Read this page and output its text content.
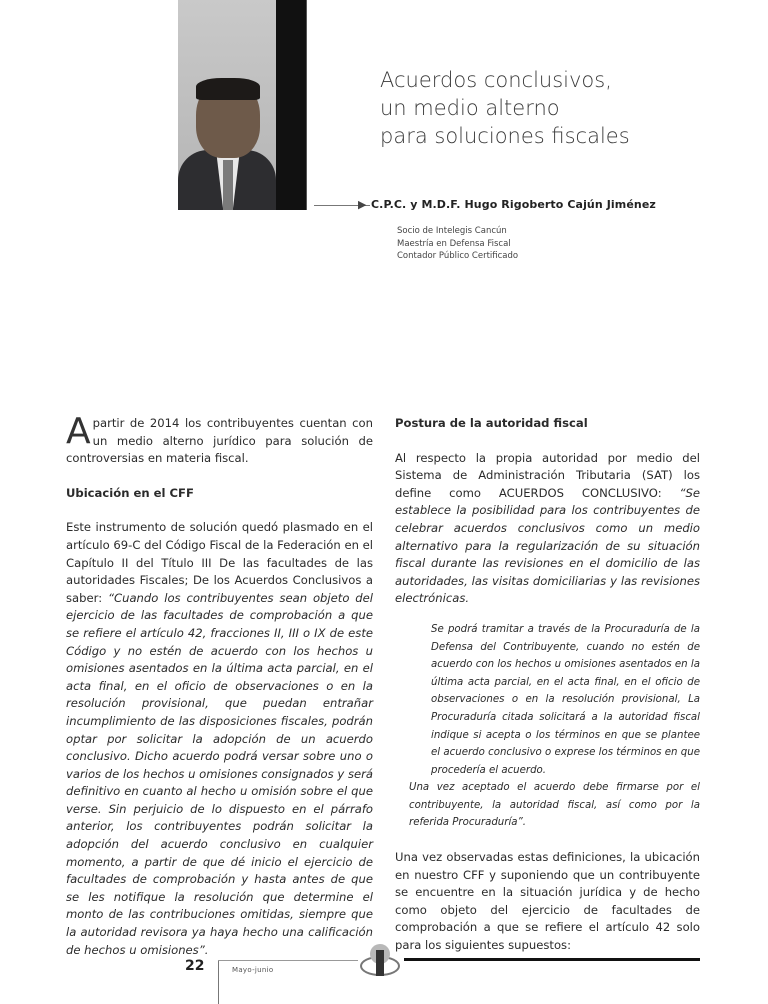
Acuerdos conclusivos,
un medio alterno
para soluciones fiscales
▶ C.P.C. y M.D.F. Hugo Rigoberto Cajún Jiménez
Socio de Intelegis Cancún
Maestría en Defensa Fiscal
Contador Público Certificado

Apartir de 2014 los contribuyentes cuentan con un medio alterno jurídico para solución de controversias en materia fiscal.

Ubicación en el CFF

Este instrumento de solución quedó plasmado en el artículo 69-C del Código Fiscal de la Federación en el Capítulo II del Título III De las facultades de las autoridades Fiscales; De los Acuerdos Conclusivos a saber: “Cuando los contribuyentes sean objeto del ejercicio de las facultades de comprobación a que se refiere el artículo 42, fracciones II, III o IX de este Código y no estén de acuerdo con los hechos u omisiones asentados en la última acta parcial, en el acta final, en el oficio de observaciones o en la resolución provisional, que puedan entrañar incumplimiento de las disposiciones fiscales, podrán optar por solicitar la adopción de un acuerdo conclusivo. Dicho acuerdo podrá versar sobre uno o varios de los hechos u omisiones consignados y será definitivo en cuanto al hecho u omisión sobre el que verse. Sin perjuicio de lo dispuesto en el párrafo anterior, los contribuyentes podrán solicitar la adopción del acuerdo conclusivo en cualquier momento, a partir de que dé inicio el ejercicio de facultades de comprobación y hasta antes de que se les notifique la resolución que determine el monto de las contribuciones omitidas, siempre que la autoridad revisora ya haya hecho una calificación de hechos u omisiones”.

Postura de la autoridad fiscal

Al respecto la propia autoridad por medio del Sistema de Administración Tributaria (SAT) los define como ACUERDOS CONCLUSIVO: “Se establece la posibilidad para los contribuyentes de celebrar acuerdos conclusivos como un medio alternativo para la regularización de su situación fiscal durante las revisiones en el domicilio de las autoridades, las visitas domiciliarias y las revisiones electrónicas.

Se podrá tramitar a través de la Procuraduría de la Defensa del Contribuyente, cuando no estén de acuerdo con los hechos u omisiones asentados en la última acta parcial, en el acta final, en el oficio de observaciones o en la resolución provisional, La Procuraduría citada solicitará a la autoridad fiscal indique si acepta o los términos en que se plantee el acuerdo conclusivo o exprese los términos en que procedería el acuerdo.
Una vez aceptado el acuerdo debe firmarse por el contribuyente, la autoridad fiscal, así como por la referida Procuraduría”.

Una vez observadas estas definiciones, la ubicación en nuestro CFF y suponiendo que un contribuyente se encuentre en la situación jurídica y de hecho como objeto del ejercicio de facultades de comprobación a que se refiere el artículo 42 solo para los siguientes supuestos:

22	Mayo-junio
